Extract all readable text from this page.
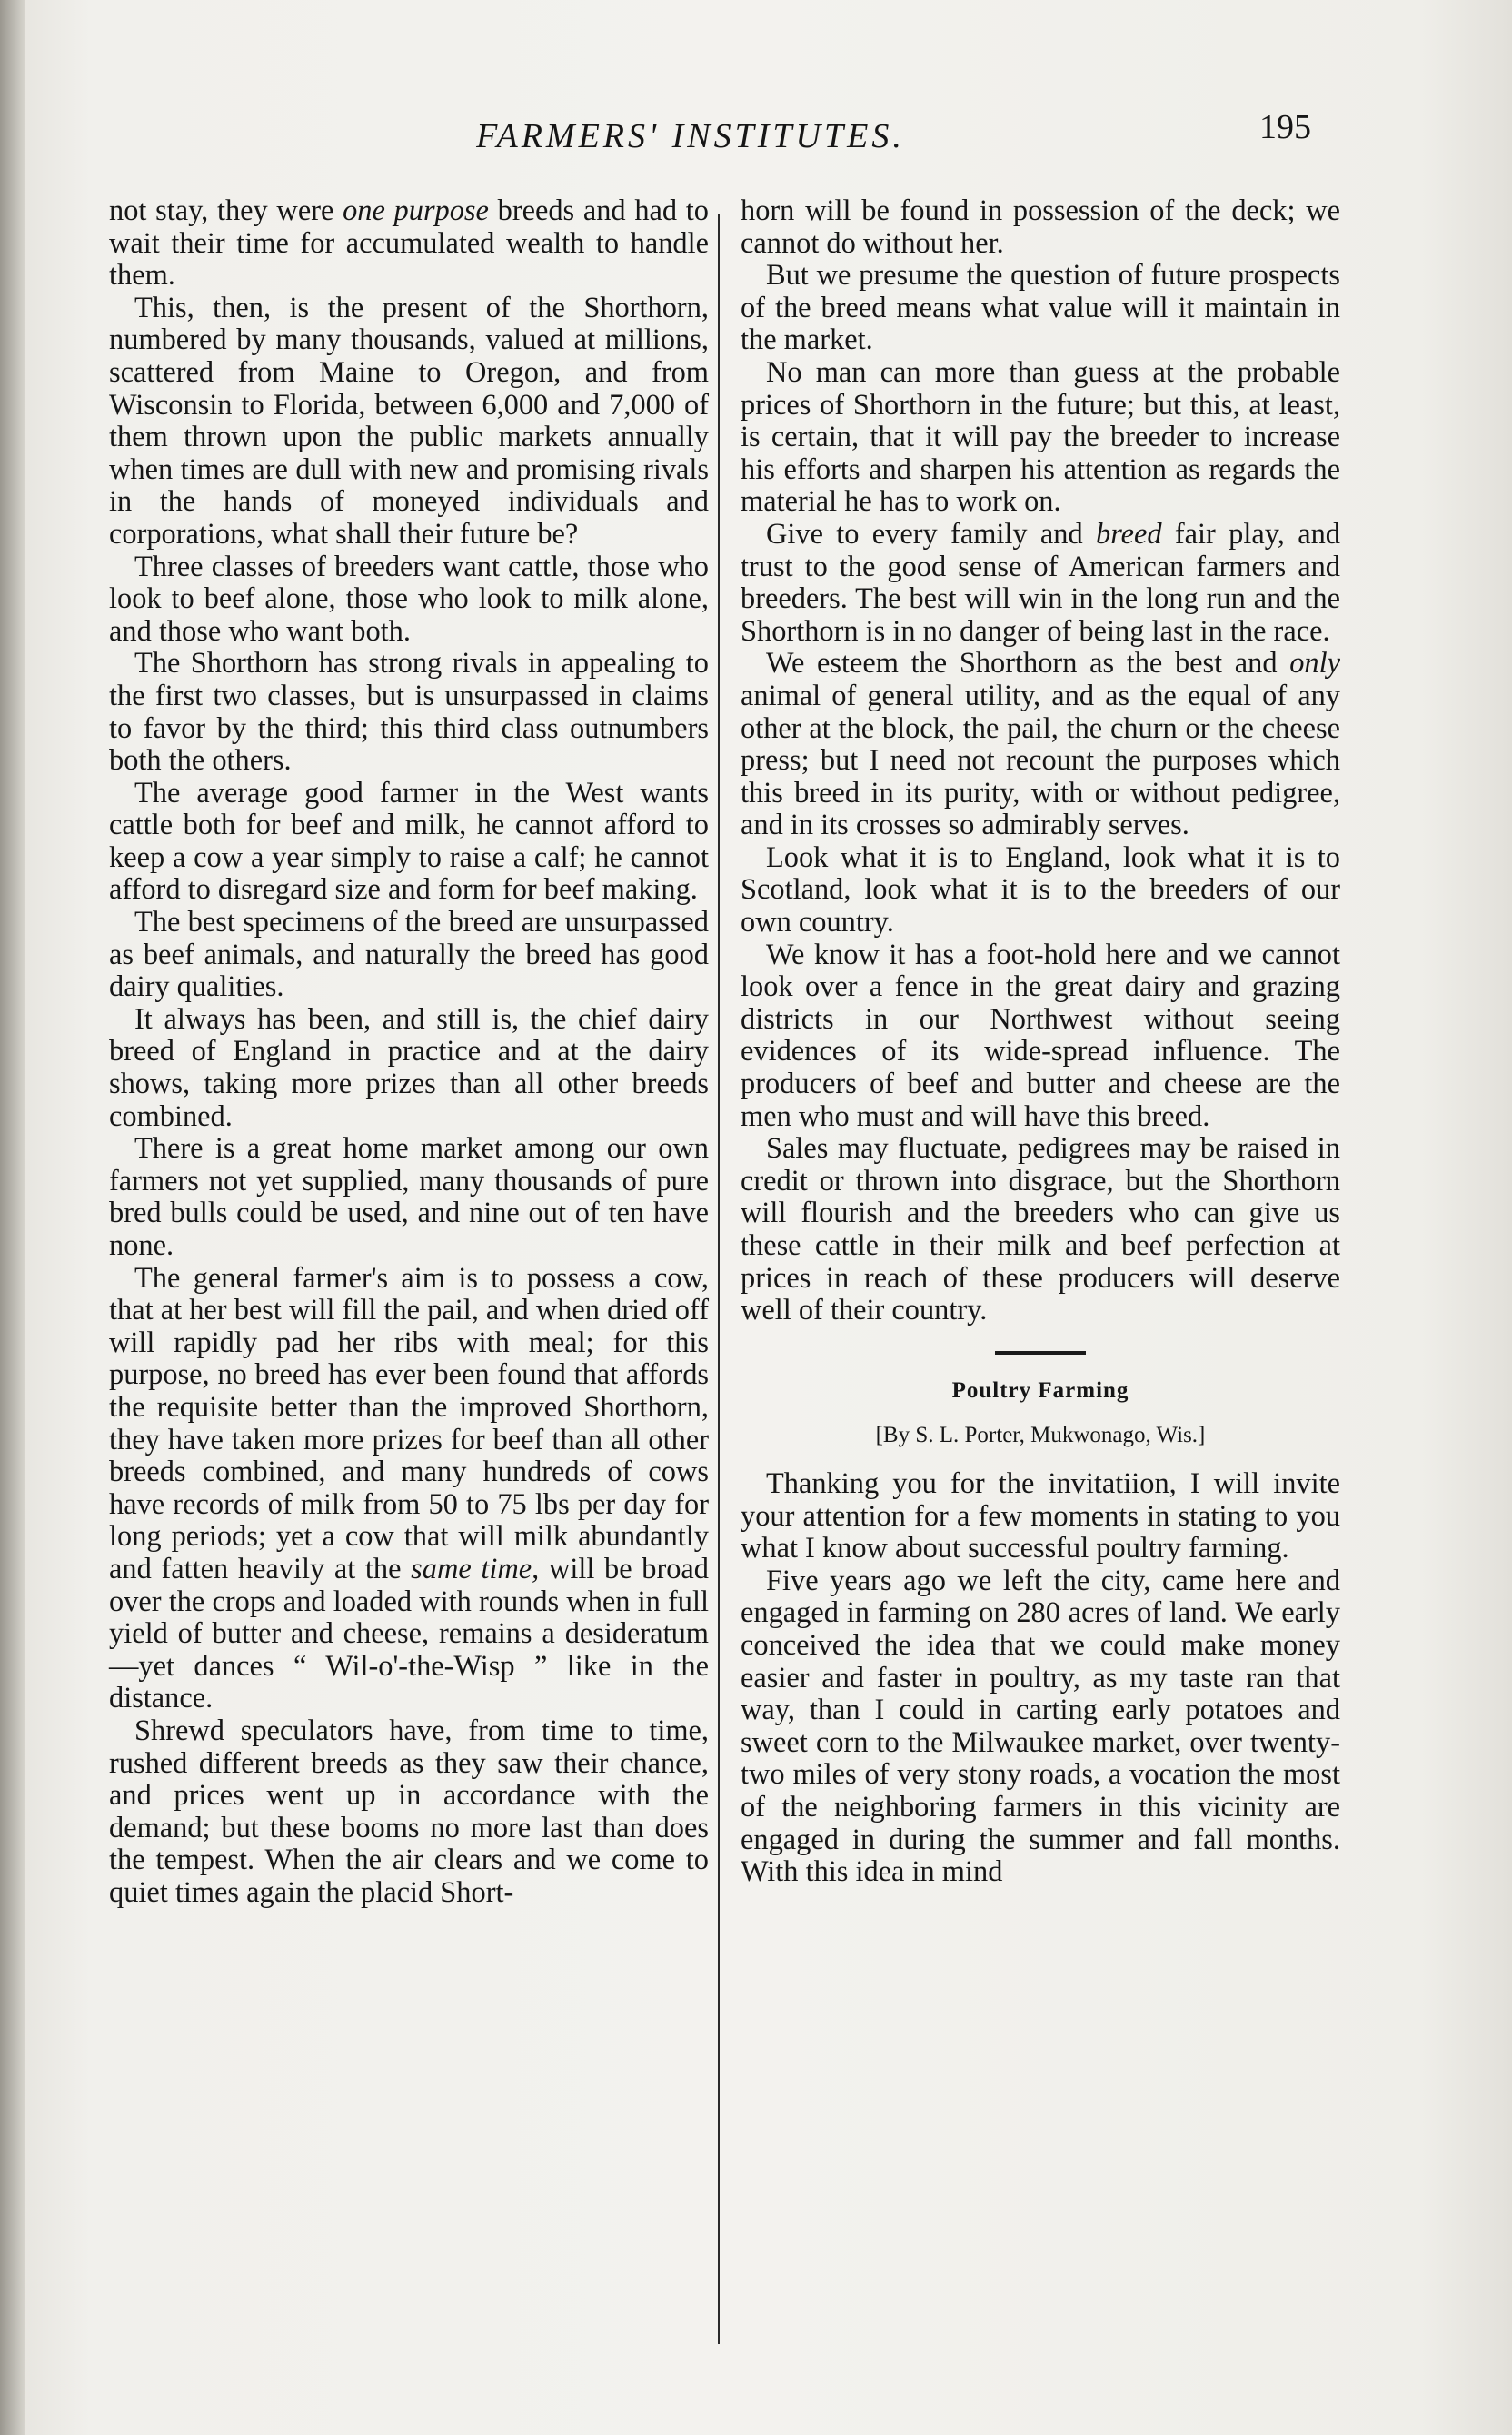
FARMERS' INSTITUTES.	195

not stay, they were one purpose breeds and had to wait their time for accumulated wealth to handle them.

This, then, is the present of the Shorthorn, numbered by many thousands, valued at millions, scattered from Maine to Oregon, and from Wisconsin to Florida, between 6,000 and 7,000 of them thrown upon the public markets annually when times are dull with new and promising rivals in the hands of moneyed individuals and corporations, what shall their future be?

Three classes of breeders want cattle, those who look to beef alone, those who look to milk alone, and those who want both.

The Shorthorn has strong rivals in appealing to the first two classes, but is unsurpassed in claims to favor by the third; this third class outnumbers both the others.

The average good farmer in the West wants cattle both for beef and milk, he cannot afford to keep a cow a year simply to raise a calf; he cannot afford to disregard size and form for beef making.

The best specimens of the breed are unsurpassed as beef animals, and naturally the breed has good dairy qualities.

It always has been, and still is, the chief dairy breed of England in practice and at the dairy shows, taking more prizes than all other breeds combined.

There is a great home market among our own farmers not yet supplied, many thousands of pure bred bulls could be used, and nine out of ten have none.

The general farmer's aim is to possess a cow, that at her best will fill the pail, and when dried off will rapidly pad her ribs with meal; for this purpose, no breed has ever been found that affords the requisite better than the improved Shorthorn, they have taken more prizes for beef than all other breeds combined, and many hundreds of cows have records of milk from 50 to 75 lbs per day for long periods; yet a cow that will milk abundantly and fatten heavily at the same time, will be broad over the crops and loaded with rounds when in full yield of butter and cheese, remains a desideratum—yet dances “ Wil-o'-the-Wisp ” like in the distance.

Shrewd speculators have, from time to time, rushed different breeds as they saw their chance, and prices went up in accordance with the demand; but these booms no more last than does the tempest. When the air clears and we come to quiet times again the placid Short-

horn will be found in possession of the deck; we cannot do without her.

But we presume the question of future prospects of the breed means what value will it maintain in the market.

No man can more than guess at the probable prices of Shorthorn in the future; but this, at least, is certain, that it will pay the breeder to increase his efforts and sharpen his attention as regards the material he has to work on.

Give to every family and breed fair play, and trust to the good sense of American farmers and breeders. The best will win in the long run and the Shorthorn is in no danger of being last in the race.

We esteem the Shorthorn as the best and only animal of general utility, and as the equal of any other at the block, the pail, the churn or the cheese press; but I need not recount the purposes which this breed in its purity, with or without pedigree, and in its crosses so admirably serves.

Look what it is to England, look what it is to Scotland, look what it is to the breeders of our own country.

We know it has a foot-hold here and we cannot look over a fence in the great dairy and grazing districts in our Northwest without seeing evidences of its wide-spread influence. The producers of beef and butter and cheese are the men who must and will have this breed.

Sales may fluctuate, pedigrees may be raised in credit or thrown into disgrace, but the Shorthorn will flourish and the breeders who can give us these cattle in their milk and beef perfection at prices in reach of these producers will deserve well of their country.

Poultry Farming
[By S. L. Porter, Mukwonago, Wis.]

Thanking you for the invitatiion, I will invite your attention for a few moments in stating to you what I know about successful poultry farming.

Five years ago we left the city, came here and engaged in farming on 280 acres of land. We early conceived the idea that we could make money easier and faster in poultry, as my taste ran that way, than I could in carting early potatoes and sweet corn to the Milwaukee market, over twenty-two miles of very stony roads, a vocation the most of the neighboring farmers in this vicinity are engaged in during the summer and fall months. With this idea in mind
